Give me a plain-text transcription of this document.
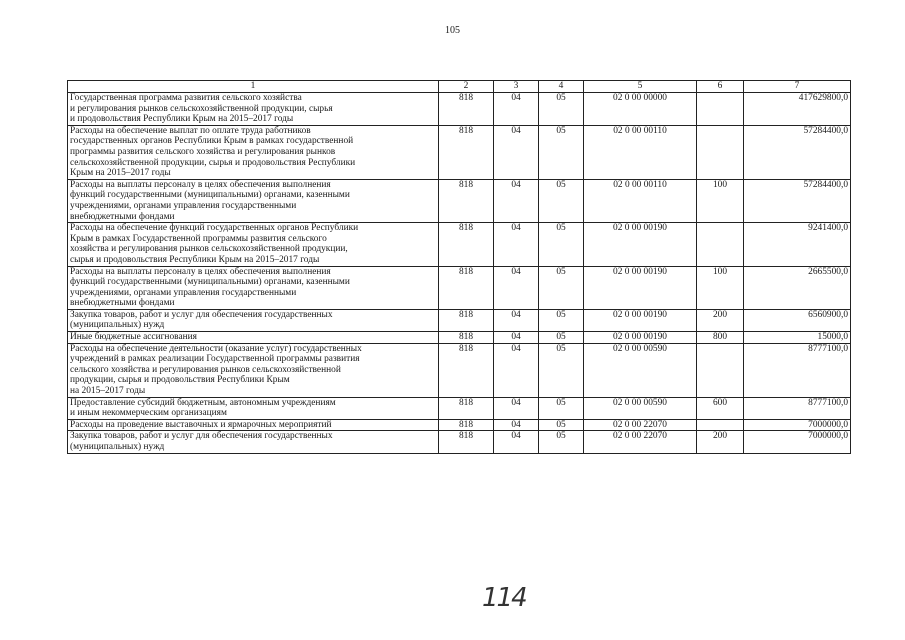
105
1	2	3	4	5	6	7
Государственная программа развития сельского хозяйства
и регулирования рынков сельскохозяйственной продукции, сырья
и продовольствия Республики Крым на 2015–2017 годы	818	04	05	02 0 00 00000		417629800,0
Расходы на обеспечение выплат по оплате труда работников
государственных органов Республики Крым в рамках государственной
программы развития сельского хозяйства и регулирования рынков
сельскохозяйственной продукции, сырья и продовольствия Республики
Крым на 2015–2017 годы	818	04	05	02 0 00 00110		57284400,0
Расходы на выплаты персоналу в целях обеспечения выполнения
функций государственными (муниципальными) органами, казенными
учреждениями, органами управления государственными
внебюджетными фондами	818	04	05	02 0 00 00110	100	57284400,0
Расходы на обеспечение функций государственных органов Республики
Крым в рамках Государственной программы развития сельского
хозяйства и регулирования рынков сельскохозяйственной продукции,
сырья и продовольствия Республики Крым на 2015–2017 годы	818	04	05	02 0 00 00190		9241400,0
Расходы на выплаты персоналу в целях обеспечения выполнения
функций государственными (муниципальными) органами, казенными
учреждениями, органами управления государственными
внебюджетными фондами	818	04	05	02 0 00 00190	100	2665500,0
Закупка товаров, работ и услуг для обеспечения государственных
(муниципальных) нужд	818	04	05	02 0 00 00190	200	6560900,0
Иные бюджетные ассигнования	818	04	05	02 0 00 00190	800	15000,0
Расходы на обеспечение деятельности (оказание услуг) государственных
учреждений в рамках реализации Государственной программы развития
сельского хозяйства и регулирования рынков сельскохозяйственной
продукции, сырья и продовольствия Республики Крым
на 2015–2017 годы	818	04	05	02 0 00 00590		8777100,0
Предоставление субсидий бюджетным, автономным учреждениям
и иным некоммерческим организациям	818	04	05	02 0 00 00590	600	8777100,0
Расходы на проведение выставочных и ярмарочных мероприятий	818	04	05	02 0 00 22070		7000000,0
Закупка товаров, работ и услуг для обеспечения государственных
(муниципальных) нужд	818	04	05	02 0 00 22070	200	7000000,0
114
